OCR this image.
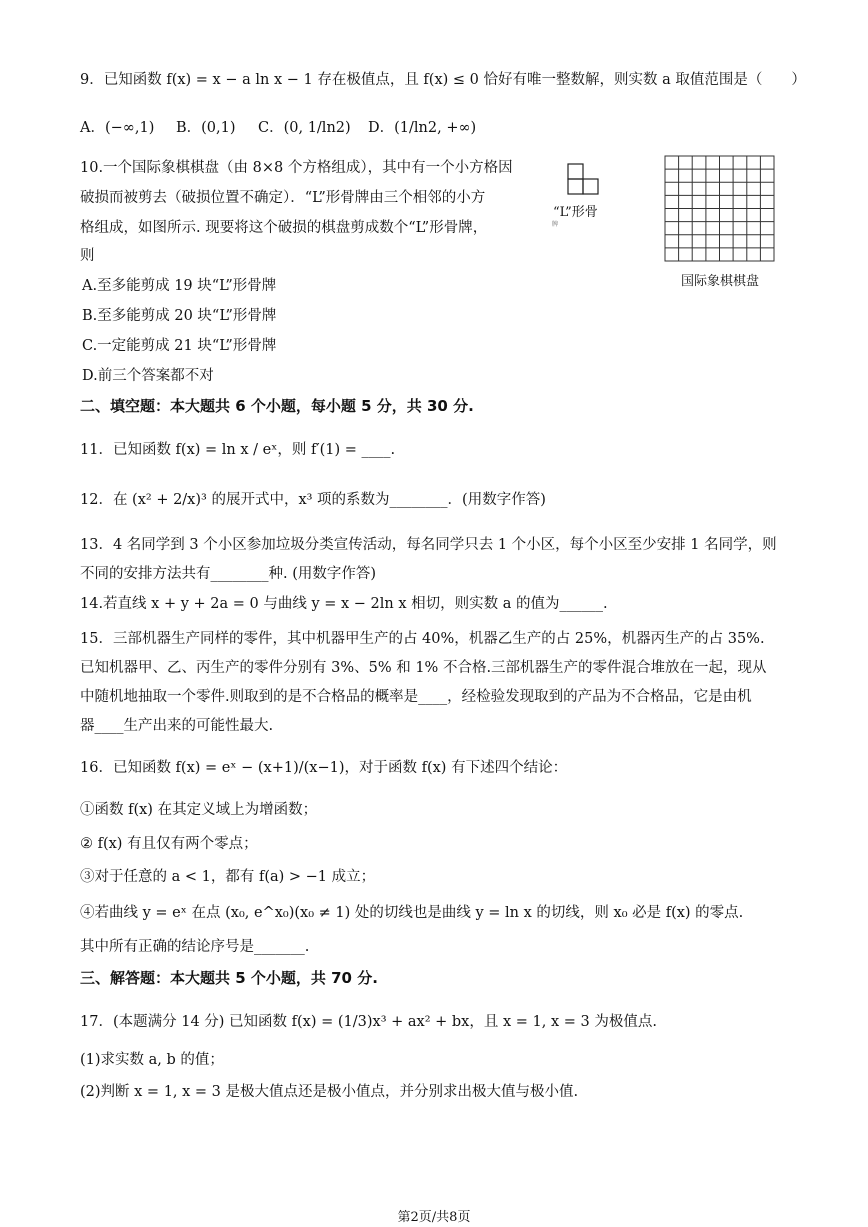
9．已知函数 f(x) = x − a ln x − 1 存在极值点，且 f(x) ≤ 0 恰好有唯一整数解，则实数 a 取值范围是（　　）
A．(−∞,1) B．(0,1) C．(0, 1/ln2) D．(1/ln2, +∞)
10.一个国际象棋棋盘（由 8×8 个方格组成），其中有一个小方格因
破损而被剪去（破损位置不确定）．“L”形骨牌由三个相邻的小方
格组成，如图所示. 现要将这个破损的棋盘剪成数个“L”形骨牌，
则
A.至多能剪成 19 块“L”形骨牌
B.至多能剪成 20 块“L”形骨牌
C.一定能剪成 21 块“L”形骨牌
D.前三个答案都不对
“L”形骨
牌
国际象棋棋盘
二、填空题：本大题共 6 个小题，每小题 5 分，共 30 分.
11．已知函数 f(x) = ln x / eˣ，则 f′(1) = ____.
12．在 (x² + 2/x)³ 的展开式中，x³ 项的系数为________．(用数字作答)
13．4 名同学到 3 个小区参加垃圾分类宣传活动，每名同学只去 1 个小区，每个小区至少安排 1 名同学，则
不同的安排方法共有________种. (用数字作答)
14.若直线 x + y + 2a = 0 与曲线 y = x − 2ln x 相切，则实数 a 的值为______.
15．三部机器生产同样的零件，其中机器甲生产的占 40%，机器乙生产的占 25%，机器丙生产的占 35%.
已知机器甲、乙、丙生产的零件分别有 3%、5% 和 1% 不合格.三部机器生产的零件混合堆放在一起，现从
中随机地抽取一个零件.则取到的是不合格品的概率是____，经检验发现取到的产品为不合格品，它是由机
器____生产出来的可能性最大.
16．已知函数 f(x) = eˣ − (x+1)/(x−1)，对于函数 f(x) 有下述四个结论：
①函数 f(x) 在其定义域上为增函数；
② f(x) 有且仅有两个零点；
③对于任意的 a < 1，都有 f(a) > −1 成立；
④若曲线 y = eˣ 在点 (x₀, e^x₀)(x₀ ≠ 1) 处的切线也是曲线 y = ln x 的切线，则 x₀ 必是 f(x) 的零点.
其中所有正确的结论序号是_______.
三、解答题：本大题共 5 个小题，共 70 分.
17．(本题满分 14 分) 已知函数 f(x) = (1/3)x³ + ax² + bx，且 x = 1, x = 3 为极值点.
(1)求实数 a, b 的值；
(2)判断 x = 1, x = 3 是极大值点还是极小值点，并分别求出极大值与极小值.
第2页/共8页
